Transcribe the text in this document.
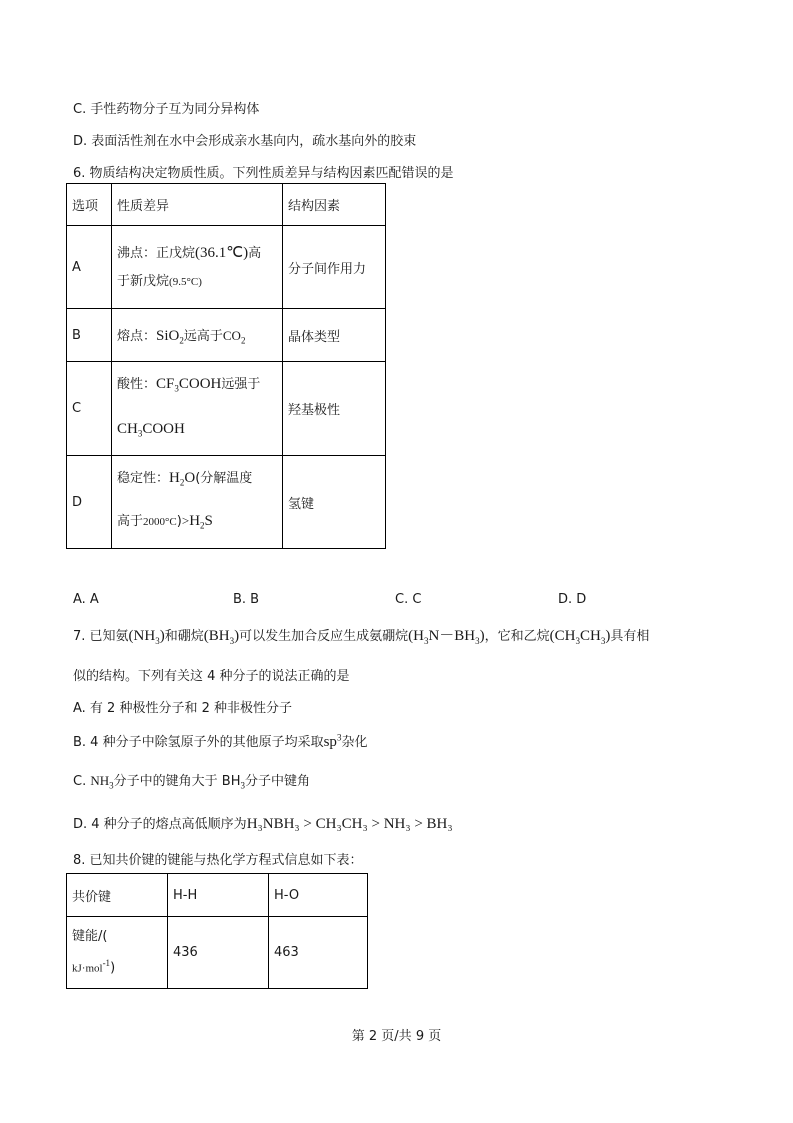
C. 手性药物分子互为同分异构体
D. 表面活性剂在水中会形成亲水基向内，疏水基向外的胶束
6. 物质结构决定物质性质。下列性质差异与结构因素匹配错误的是
选项	性质差异	结构因素
A	沸点：正戊烷(36.1℃)高
于新戊烷(9.5°C)	分子间作用力
B	熔点：SiO$_2$远高于$CO_2$	晶体类型
C	酸性：$CF_3COOH$远强于
$CH_3COOH$	羟基极性
D	稳定性：$H_2O$(分解温度
高于$2000^\circ C)>H_2S$	氢键
A. A	B. B	C. C	D. D
7. 已知氨$(NH_3)$和硼烷$(BH_3)$可以发生加合反应生成氨硼烷$(H_3N-BH_3)$，它和乙烷$(CH_3CH_3)$具有相
似的结构。下列有关这 4 种分子的说法正确的是
A. 有 2 种极性分子和 2 种非极性分子
B. 4 种分子中除氢原子外的其他原子均采取$sp^3$杂化
C. $NH_3$分子中的键角大于 $BH_3$分子中键角
D. 4 种分子的熔点高低顺序为H₃NBH₃ > CH₃CH₃ > NH₃ > BH₃
8. 已知共价键的键能与热化学方程式信息如下表：
共价键	H-H	H-O
键能/(
kJ·mol$^{-1}$)	436	463
第 2 页/共 9 页
